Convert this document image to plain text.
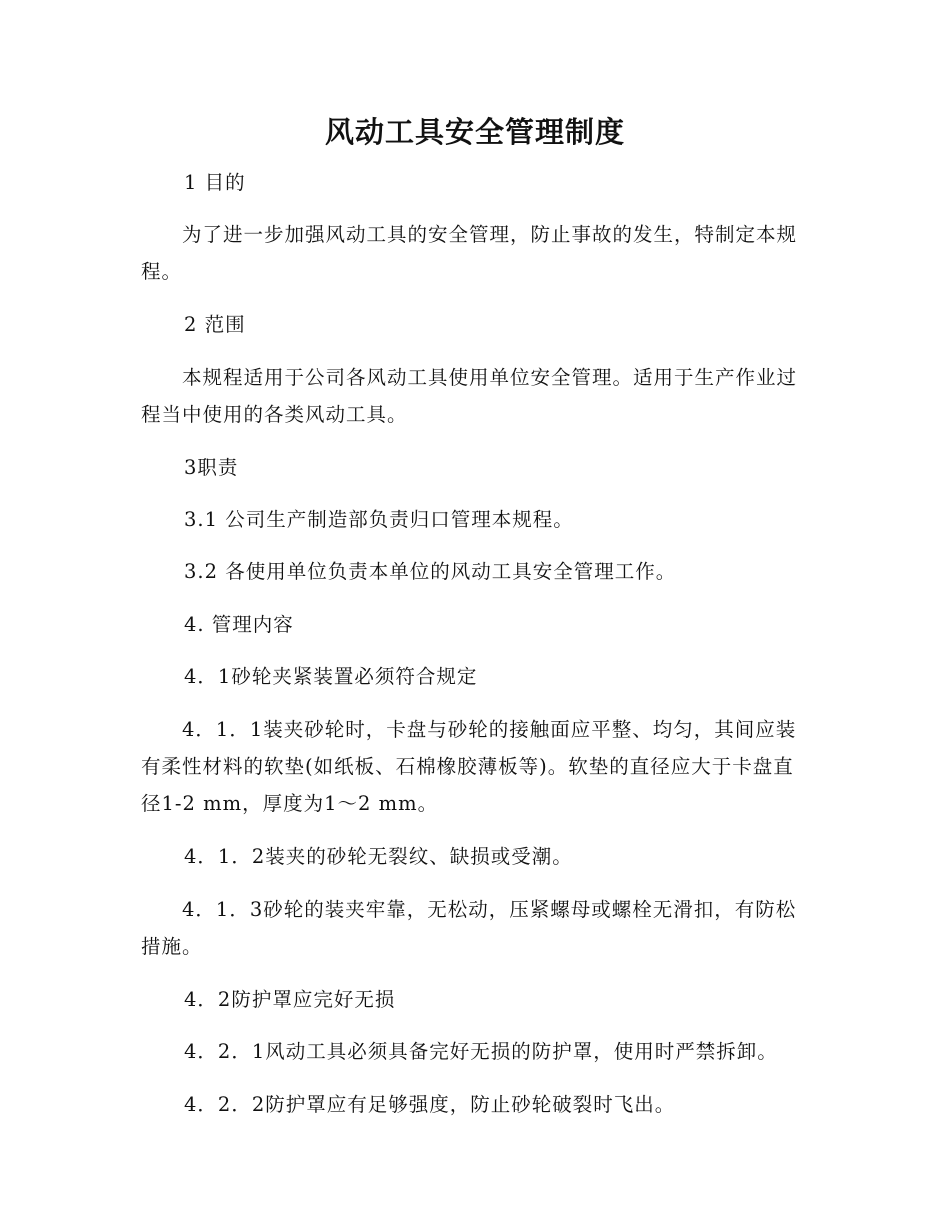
风动工具安全管理制度

1 目的

为了进一步加强风动工具的安全管理，防止事故的发生，特制定本规程。

2 范围

本规程适用于公司各风动工具使用单位安全管理。适用于生产作业过程当中使用的各类风动工具。

3职责

3.1 公司生产制造部负责归口管理本规程。

3.2 各使用单位负责本单位的风动工具安全管理工作。

4. 管理内容

4．1砂轮夹紧装置必须符合规定

4．1．1装夹砂轮时，卡盘与砂轮的接触面应平整、均匀，其间应装有柔性材料的软垫(如纸板、石棉橡胶薄板等)。软垫的直径应大于卡盘直径1-2 mm，厚度为1～2 mm。

4．1．2装夹的砂轮无裂纹、缺损或受潮。

4．1．3砂轮的装夹牢靠，无松动，压紧螺母或螺栓无滑扣，有防松措施。

4．2防护罩应完好无损

4．2．1风动工具必须具备完好无损的防护罩，使用时严禁拆卸。

4．2．2防护罩应有足够强度，防止砂轮破裂时飞出。
